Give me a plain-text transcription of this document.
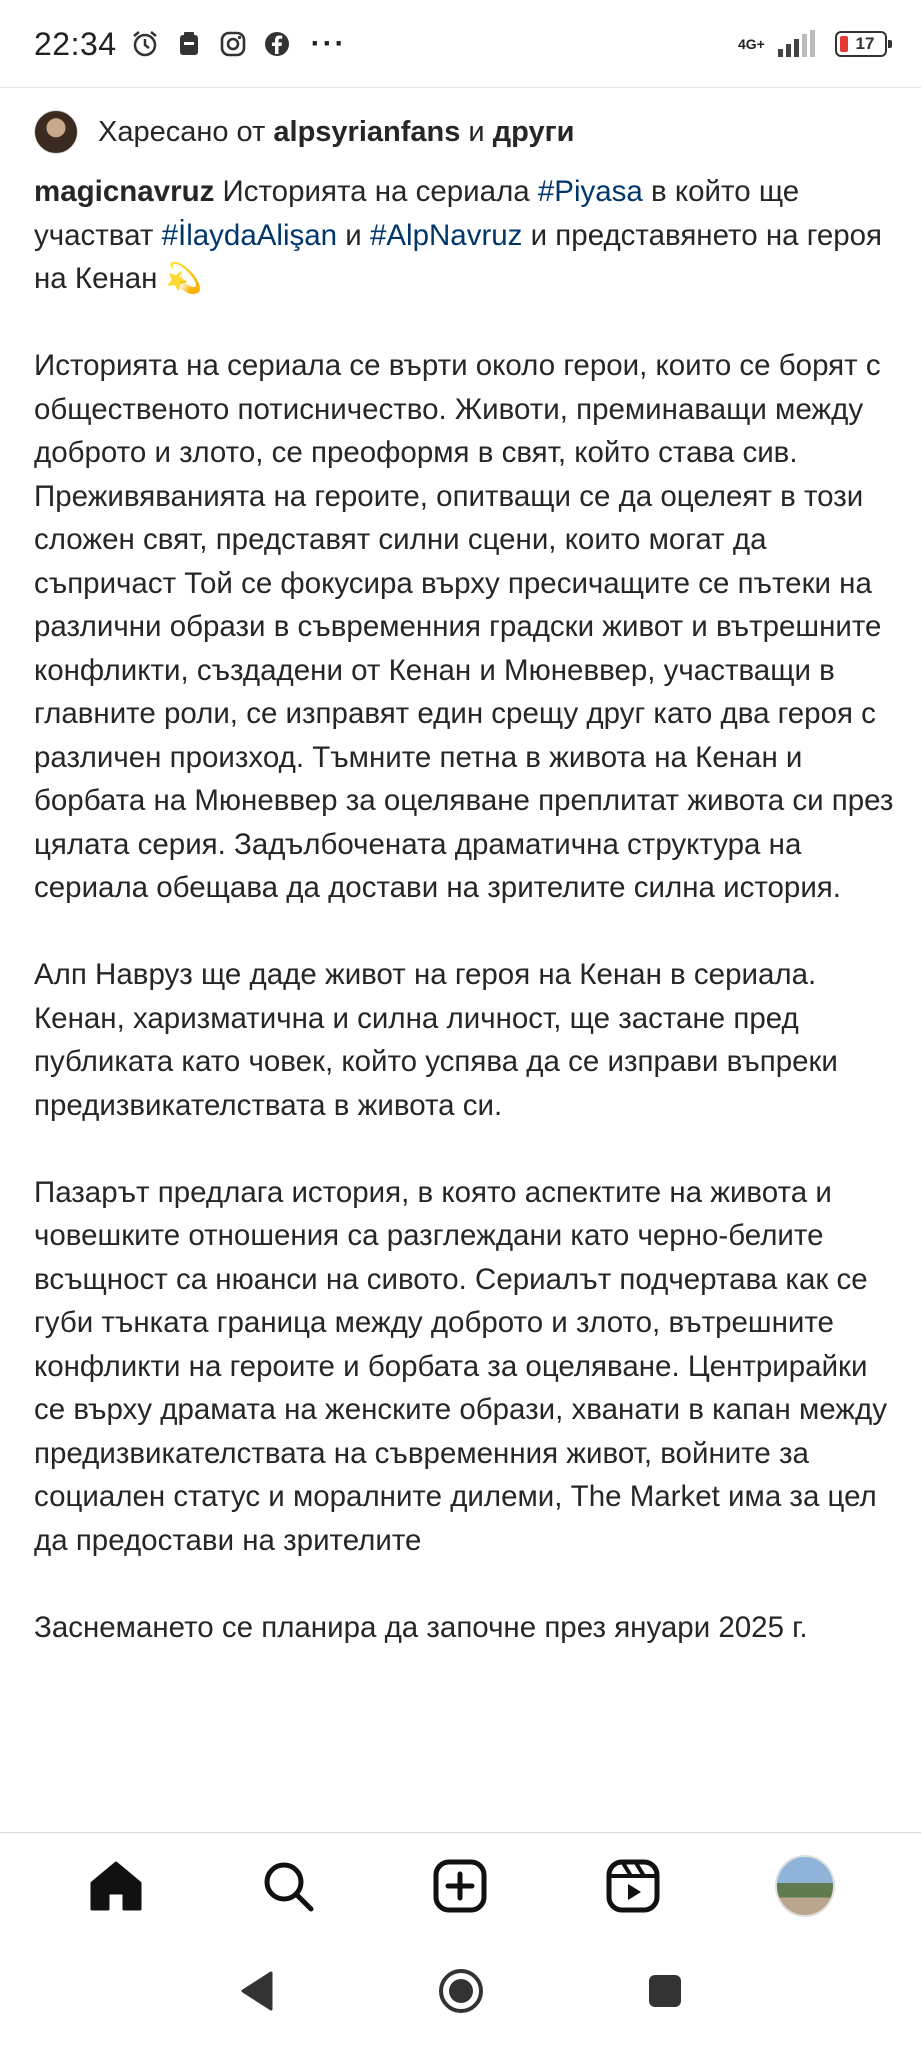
22:34	···	4G+	17
Харесано от alpsyrianfans и други

magicnavruz Историята на сериала #Piyasa в който ще участват #İlaydaAlişan и #AlpNavruz и представянето на героя на Кенан 💫

Историята на сериала се върти около герои, които се борят с общественото потисничество. Животи, преминаващи между доброто и злото, се преоформя в свят, който става сив. Преживяванията на героите, опитващи се да оцелеят в този сложен свят, представят силни сцени, които могат да съпричаст Той се фокусира върху пресичащите се пътеки на различни образи в съвременния градски живот и вътрешните конфликти, създадени от Кенан и Мюневвер, участващи в главните роли, се изправят един срещу друг като два героя с различен произход. Тъмните петна в живота на Кенан и борбата на Мюневвер за оцеляване преплитат живота си през цялата серия. Задълбочената драматична структура на сериала обещава да достави на зрителите силна история.

Алп Навруз ще даде живот на героя на Кенан в сериала. Кенан, харизматична и силна личност, ще застане пред публиката като човек, който успява да се изправи въпреки предизвикателствата в живота си.

Пазарът предлага история, в която аспектите на живота и човешките отношения са разглеждани като черно-белите всъщност са нюанси на сивото. Сериалът подчертава как се губи тънката граница между доброто и злото, вътрешните конфликти на героите и борбата за оцеляване. Центрирайки се върху драмата на женските образи, хванати в капан между предизвикателствата на съвременния живот, войните за социален статус и моралните дилеми, The Market има за цел да предостави на зрителите

Заснемането се планира да започне през януари 2025 г.
